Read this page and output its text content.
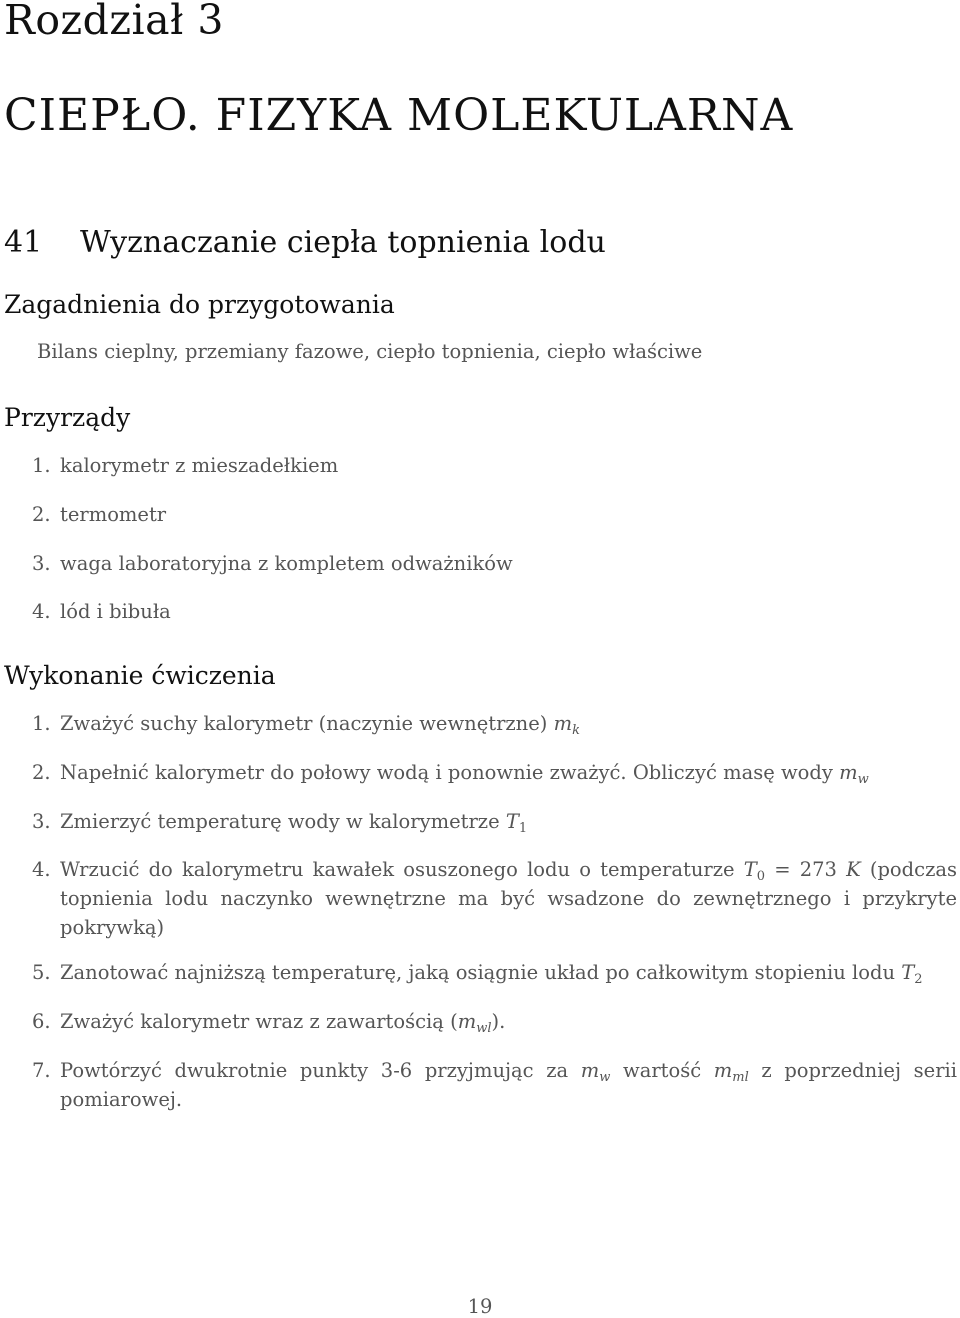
Rozdział 3
CIEPŁO. FIZYKA MOLEKULARNA
41 Wyznaczanie ciepła topnienia lodu
Zagadnienia do przygotowania

Bilans cieplny, przemiany fazowe, ciepło topnienia, ciepło właściwe

Przyrządy
1. kalorymetr z mieszadełkiem
2. termometr
3. waga laboratoryjna z kompletem odważników
4. lód i bibuła
Wykonanie ćwiczenia
1. Zważyć suchy kalorymetr (naczynie wewnętrzne) $m_k$
2. Napełnić kalorymetr do połowy wodą i ponownie zważyć. Obliczyć masę wody $m_w$
3. Zmierzyć temperaturę wody w kalorymetrze $T_1$
4. Wrzucić do kalorymetru kawałek osuszonego lodu o temperaturze $T_0 = 273$ K (podczas topnienia lodu naczynko wewnętrzne ma być wsadzone do zewnętrznego i przykryte pokrywką)
5. Zanotować najniższą temperaturę, jaką osiągnie układ po całkowitym stopieniu lodu $T_2$
6. Zważyć kalorymetr wraz z zawartością $(m_{wl})$.
7. Powtórzyć dwukrotnie punkty 3-6 przyjmując za $m_w$ wartość $m_{ml}$ z poprzedniej serii pomiarowej.

19
